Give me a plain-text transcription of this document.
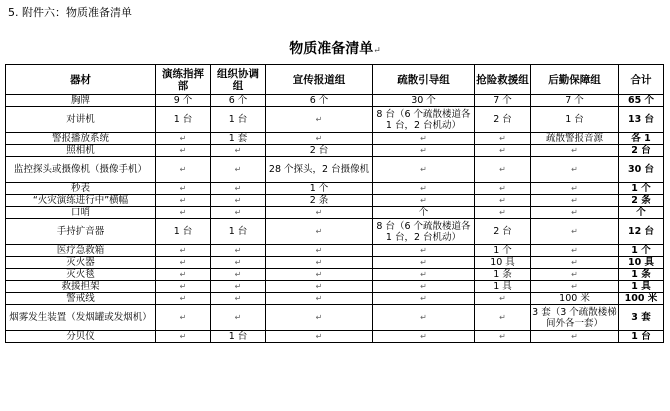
5. 附件六：物质准备清单
物质准备清单↵
器材	演练指挥部	组织协调组	宣传报道组	疏散引导组	抢险救援组	后勤保障组	合计
胸牌	9 个	6 个	6 个	30 个	7 个	7 个	65 个
对讲机	1 台	1 台	↵	8 台（6 个疏散楼道各 1 台，2 台机动）	2 台	1 台	13 台
警报播放系统	↵	1 套	↵	↵	↵	疏散警报音源	各 1
照相机	↵	↵	2 台	↵	↵	↵	2 台
监控探头或摄像机（摄像手机）	↵	↵	28 个探头，2 台摄像机	↵	↵	↵	30 台
秒表	↵	↵	1 个	↵	↵	↵	1 个
“火灾演练进行中”横幅	↵	↵	2 条	↵	↵	↵	2 条
口哨	↵	↵	↵	个	↵	↵	个
手持扩音器	1 台	1 台	↵	8 台（6 个疏散楼道各 1 台，2 台机动）	2 台	↵	12 台
医疗急救箱	↵	↵	↵	↵	1 个	↵	1 个
灭火器	↵	↵	↵	↵	10 具	↵	10 具
灭火毯	↵	↵	↵	↵	1 条	↵	1 条
救援担架	↵	↵	↵	↵	1 具	↵	1 具
警戒线	↵	↵	↵	↵	↵	100 米	100 米
烟雾发生装置（发烟罐或发烟机）	↵	↵	↵	↵	↵	3 套（3 个疏散楼梯间外各一套）	3 套
分贝仪	↵	1 台	↵	↵	↵	↵	1 台
